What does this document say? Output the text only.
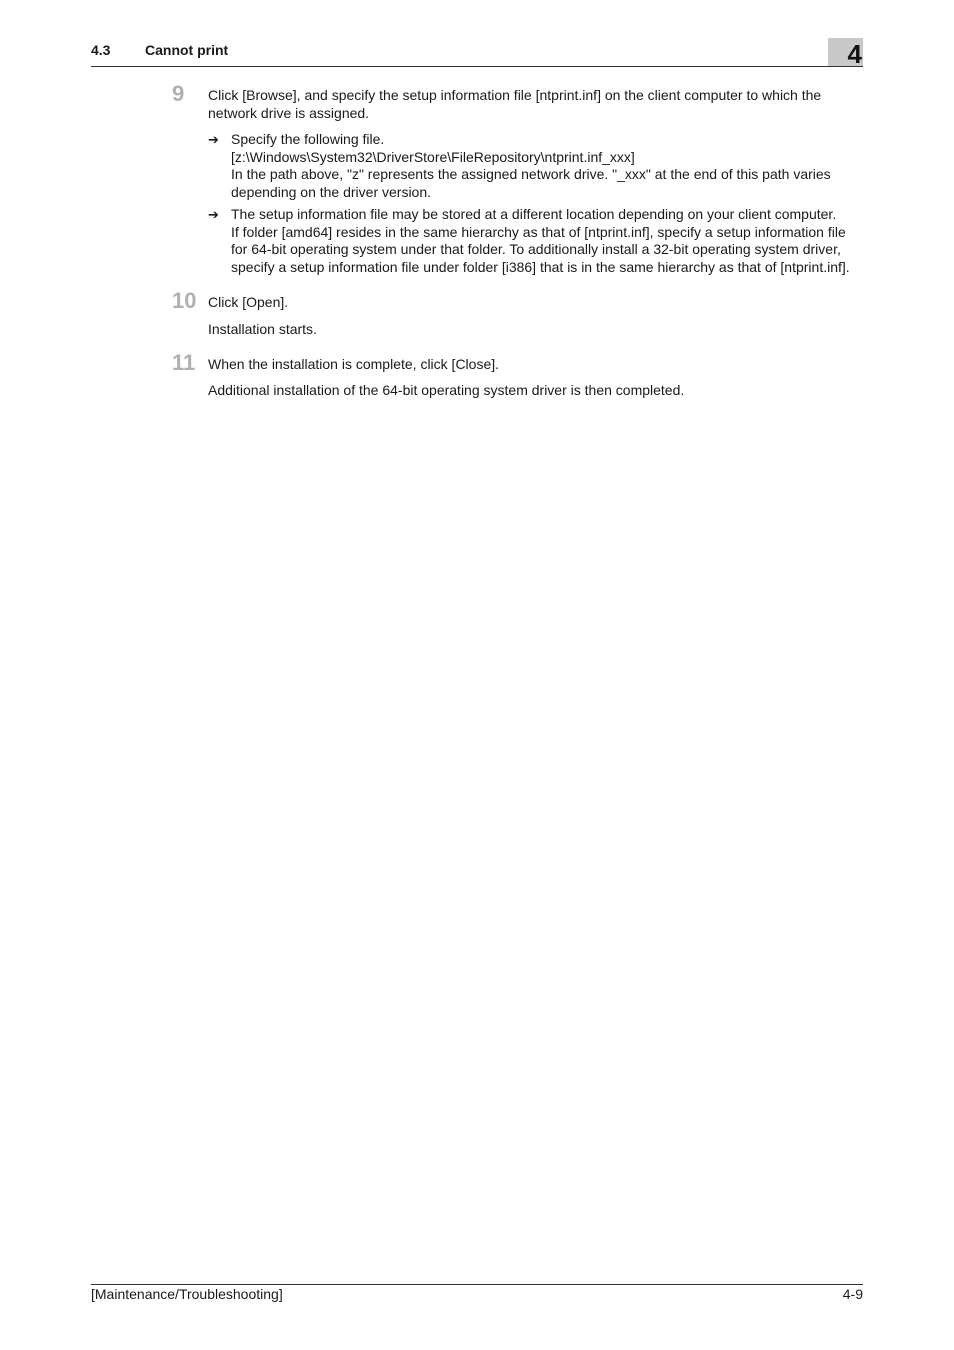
4.3 Cannot print	4
9 Click [Browse], and specify the setup information file [ntprint.inf] on the client computer to which the
network drive is assigned.
➔ Specify the following file.
[z:\Windows\System32\DriverStore\FileRepository\ntprint.inf_xxx]
In the path above, "z" represents the assigned network drive. "_xxx" at the end of this path varies
depending on the driver version.
➔ The setup information file may be stored at a different location depending on your client computer.
If folder [amd64] resides in the same hierarchy as that of [ntprint.inf], specify a setup information file
for 64-bit operating system under that folder. To additionally install a 32-bit operating system driver,
specify a setup information file under folder [i386] that is in the same hierarchy as that of [ntprint.inf].
10 Click [Open].
Installation starts.
11 When the installation is complete, click [Close].
Additional installation of the 64-bit operating system driver is then completed.
[Maintenance/Troubleshooting]	4-9
